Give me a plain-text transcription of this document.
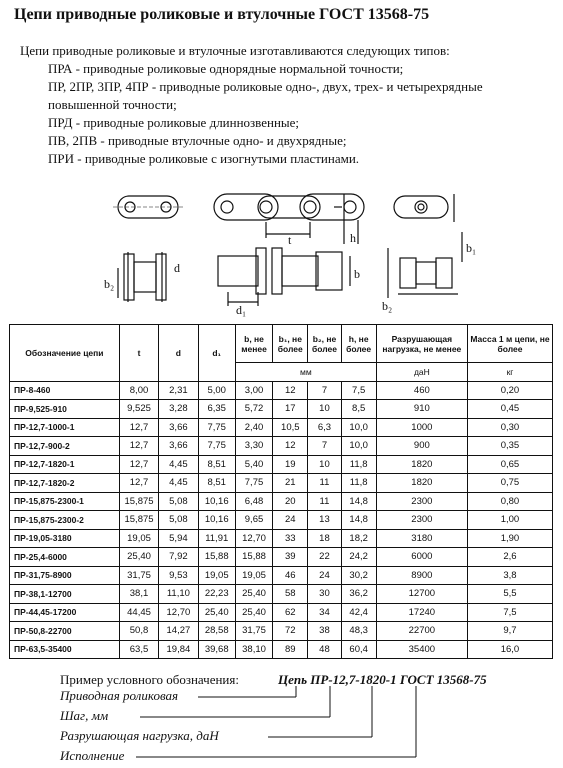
Цепи приводные роликовые и втулочные ГОСТ 13568-75

Цепи приводные роликовые и втулочные изготавливаются следующих типов:

ПРА - приводные роликовые однорядные нормальной точности;

ПР, 2ПР, 3ПР, 4ПР - приводные роликовые одно-, двух, трех- и четырехрядные

повышенной точности;

ПРД - приводные роликовые длиннозвенные;

ПВ, 2ПВ - приводные втулочные одно- и двухрядные;

ПРИ - приводные роликовые с изогнутыми пластинами.

d
b₂
d₁
t	h
b
b₁
b₂
Обозначение цепи	t	d	d₁	b, не менее	b₁, не более	b₂, не более	h, не более	Разрушающая нагрузка, не менее	Масса 1 м цепи, не более
				мм				даН	кг
ПР-8-460	8,00	2,31	5,00	3,00	12	7	7,5	460	0,20
ПР-9,525-910	9,525	3,28	6,35	5,72	17	10	8,5	910	0,45
ПР-12,7-1000-1	12,7	3,66	7,75	2,40	10,5	6,3	10,0	1000	0,30
ПР-12,7-900-2	12,7	3,66	7,75	3,30	12	7	10,0	900	0,35
ПР-12,7-1820-1	12,7	4,45	8,51	5,40	19	10	11,8	1820	0,65
ПР-12,7-1820-2	12,7	4,45	8,51	7,75	21	11	11,8	1820	0,75
ПР-15,875-2300-1	15,875	5,08	10,16	6,48	20	11	14,8	2300	0,80
ПР-15,875-2300-2	15,875	5,08	10,16	9,65	24	13	14,8	2300	1,00
ПР-19,05-3180	19,05	5,94	11,91	12,70	33	18	18,2	3180	1,90
ПР-25,4-6000	25,40	7,92	15,88	15,88	39	22	24,2	6000	2,6
ПР-31,75-8900	31,75	9,53	19,05	19,05	46	24	30,2	8900	3,8
ПР-38,1-12700	38,1	11,10	22,23	25,40	58	30	36,2	12700	5,5
ПР-44,45-17200	44,45	12,70	25,40	25,40	62	34	42,4	17240	7,5
ПР-50,8-22700	50,8	14,27	28,58	31,75	72	38	48,3	22700	9,7
ПР-63,5-35400	63,5	19,84	39,68	38,10	89	48	60,4	35400	16,0
Пример условного обозначения:	Цепь ПР-12,7-1820-1 ГОСТ 13568-75
Приводная роликовая
Шаг, мм
Разрушающая нагрузка, даН
Исполнение
